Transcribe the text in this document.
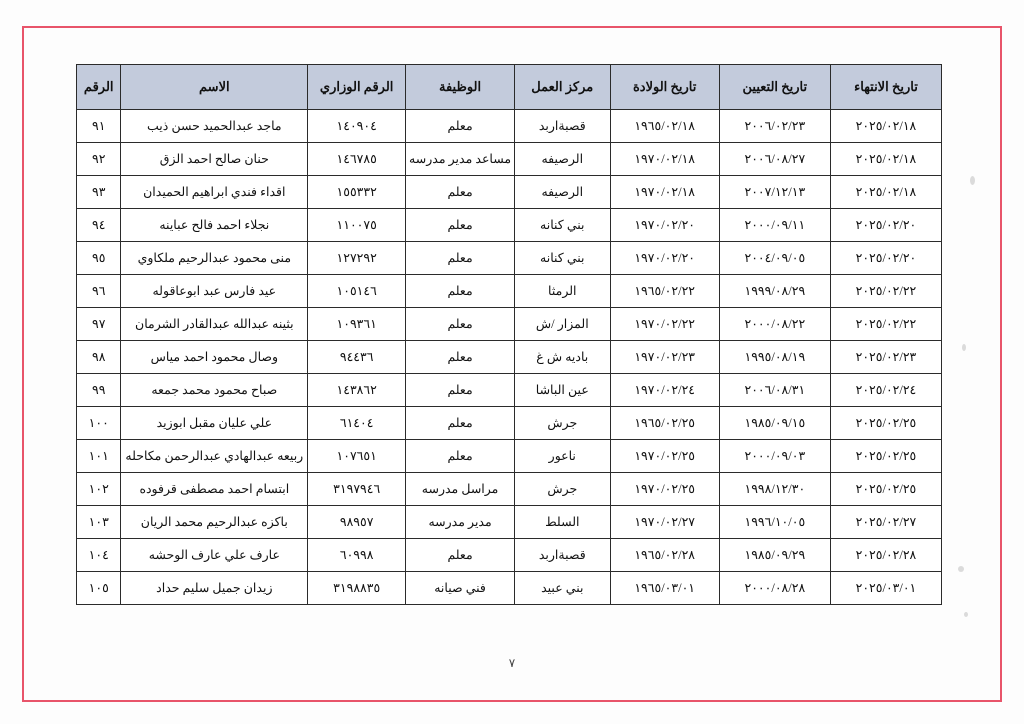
تاريخ الانتهاء	تاريخ التعيين	تاريخ الولادة	مركز العمل	الوظيفة	الرقم الوزاري	الاسم	الرقم
٢٠٢٥/٠٢/١٨	٢٠٠٦/٠٢/٢٣	١٩٦٥/٠٢/١٨	قصبةاربد	معلم	١٤٠٩٠٤	ماجد عبدالحميد حسن ذيب	٩١
٢٠٢٥/٠٢/١٨	٢٠٠٦/٠٨/٢٧	١٩٧٠/٠٢/١٨	الرصيفه	مساعد مدير مدرسه	١٤٦٧٨٥	حنان صالح احمد الزق	٩٢
٢٠٢٥/٠٢/١٨	٢٠٠٧/١٢/١٣	١٩٧٠/٠٢/١٨	الرصيفه	معلم	١٥٥٣٣٢	اقداء فندي ابراهيم الحميدان	٩٣
٢٠٢٥/٠٢/٢٠	٢٠٠٠/٠٩/١١	١٩٧٠/٠٢/٢٠	بني كنانه	معلم	١١٠٠٧٥	نجلاء احمد فالح عباينه	٩٤
٢٠٢٥/٠٢/٢٠	٢٠٠٤/٠٩/٠٥	١٩٧٠/٠٢/٢٠	بني كنانه	معلم	١٢٧٢٩٢	منى محمود عبدالرحيم ملكاوي	٩٥
٢٠٢٥/٠٢/٢٢	١٩٩٩/٠٨/٢٩	١٩٦٥/٠٢/٢٢	الرمثا	معلم	١٠٥١٤٦	عيد فارس عبد ابوعاقوله	٩٦
٢٠٢٥/٠٢/٢٢	٢٠٠٠/٠٨/٢٢	١٩٧٠/٠٢/٢٢	المزار /ش	معلم	١٠٩٣٦١	بثينه عبدالله عبدالقادر الشرمان	٩٧
٢٠٢٥/٠٢/٢٣	١٩٩٥/٠٨/١٩	١٩٧٠/٠٢/٢٣	باديه ش غ	معلم	٩٤٤٣٦	وصال محمود احمد مياس	٩٨
٢٠٢٥/٠٢/٢٤	٢٠٠٦/٠٨/٣١	١٩٧٠/٠٢/٢٤	عين الباشا	معلم	١٤٣٨٦٢	صباح محمود محمد جمعه	٩٩
٢٠٢٥/٠٢/٢٥	١٩٨٥/٠٩/١٥	١٩٦٥/٠٢/٢٥	جرش	معلم	٦١٤٠٤	علي عليان مقبل ابوزيد	١٠٠
٢٠٢٥/٠٢/٢٥	٢٠٠٠/٠٩/٠٣	١٩٧٠/٠٢/٢٥	ناعور	معلم	١٠٧٦٥١	ربيعه عبدالهادي عبدالرحمن مكاحله	١٠١
٢٠٢٥/٠٢/٢٥	١٩٩٨/١٢/٣٠	١٩٧٠/٠٢/٢٥	جرش	مراسل مدرسه	٣١٩٧٩٤٦	ابتسام احمد مصطفى قرفوده	١٠٢
٢٠٢٥/٠٢/٢٧	١٩٩٦/١٠/٠٥	١٩٧٠/٠٢/٢٧	السلط	مدير مدرسه	٩٨٩٥٧	باكزه عبدالرحيم محمد الريان	١٠٣
٢٠٢٥/٠٢/٢٨	١٩٨٥/٠٩/٢٩	١٩٦٥/٠٢/٢٨	قصبةاربد	معلم	٦٠٩٩٨	عارف علي عارف الوحشه	١٠٤
٢٠٢٥/٠٣/٠١	٢٠٠٠/٠٨/٢٨	١٩٦٥/٠٣/٠١	بني عبيد	فني صيانه	٣١٩٨٨٣٥	زيدان جميل سليم حداد	١٠٥
٧
